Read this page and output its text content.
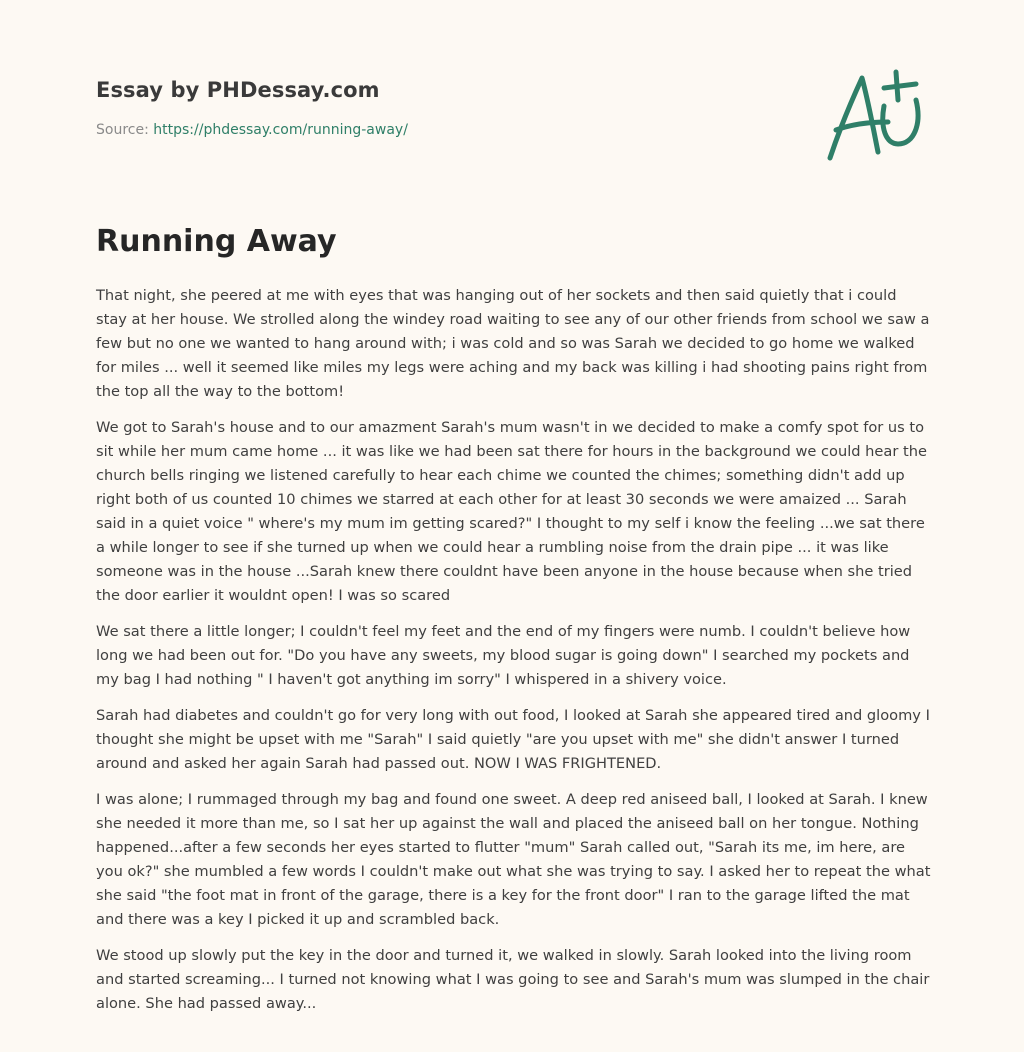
Essay by PHDessay.com
Source: https://phdessay.com/running-away/
Running Away

That night, she peered at me with eyes that was hanging out of her sockets and then said quietly that i could stay at her house. We strolled along the windey road waiting to see any of our other friends from school we saw a few but no one we wanted to hang around with; i was cold and so was Sarah we decided to go home we walked for miles ... well it seemed like miles my legs were aching and my back was killing i had shooting pains right from the top all the way to the bottom!

We got to Sarah's house and to our amazment Sarah's mum wasn't in we decided to make a comfy spot for us to sit while her mum came home ... it was like we had been sat there for hours in the background we could hear the church bells ringing we listened carefully to hear each chime we counted the chimes; something didn't add up right both of us counted 10 chimes we starred at each other for at least 30 seconds we were amaized ... Sarah said in a quiet voice " where's my mum im getting scared?" I thought to my self i know the feeling ...we sat there a while longer to see if she turned up when we could hear a rumbling noise from the drain pipe ... it was like someone was in the house ...Sarah knew there couldnt have been anyone in the house because when she tried the door earlier it wouldnt open! I was so scared

We sat there a little longer; I couldn't feel my feet and the end of my fingers were numb. I couldn't believe how long we had been out for. "Do you have any sweets, my blood sugar is going down" I searched my pockets and my bag I had nothing " I haven't got anything im sorry" I whispered in a shivery voice.

Sarah had diabetes and couldn't go for very long with out food, I looked at Sarah she appeared tired and gloomy I thought she might be upset with me "Sarah" I said quietly "are you upset with me" she didn't answer I turned around and asked her again Sarah had passed out. NOW I WAS FRIGHTENED.

I was alone; I rummaged through my bag and found one sweet. A deep red aniseed ball, I looked at Sarah. I knew she needed it more than me, so I sat her up against the wall and placed the aniseed ball on her tongue. Nothing happened...after a few seconds her eyes started to flutter "mum" Sarah called out, "Sarah its me, im here, are you ok?" she mumbled a few words I couldn't make out what she was trying to say. I asked her to repeat the what she said "the foot mat in front of the garage, there is a key for the front door" I ran to the garage lifted the mat and there was a key I picked it up and scrambled back.

We stood up slowly put the key in the door and turned it, we walked in slowly. Sarah looked into the living room and started screaming... I turned not knowing what I was going to see and Sarah's mum was slumped in the chair alone. She had passed away...
